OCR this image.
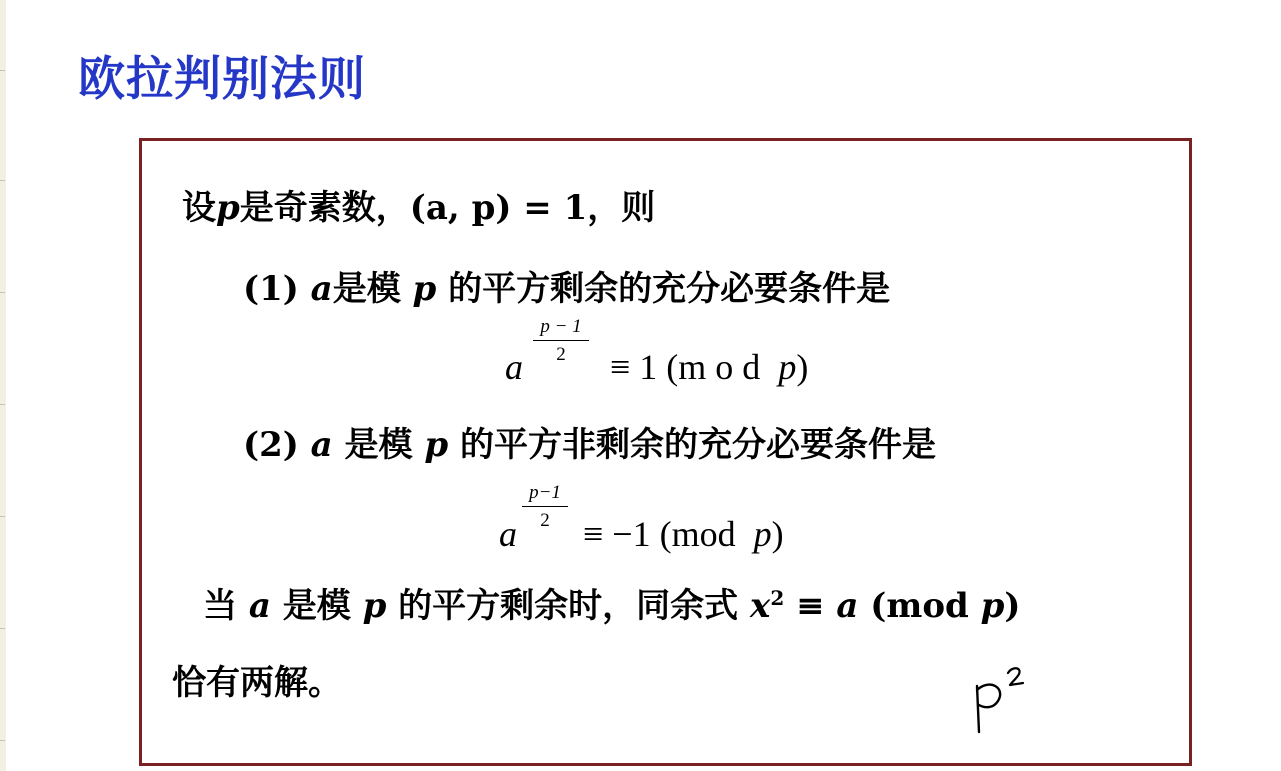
欧拉判别法则
设p是奇素数，(a, p) = 1，则
(1) a是模 p 的平方剩余的充分必要条件是
a
p − 1
2	≡ 1 (m o d p)
(2) a 是模 p 的平方非剩余的充分必要条件是
a
p−1
2 ≡ −1 (mod p)
当 a 是模 p 的平方剩余时，同余式 $x^2 \equiv a$ (mod p)
恰有两解。
